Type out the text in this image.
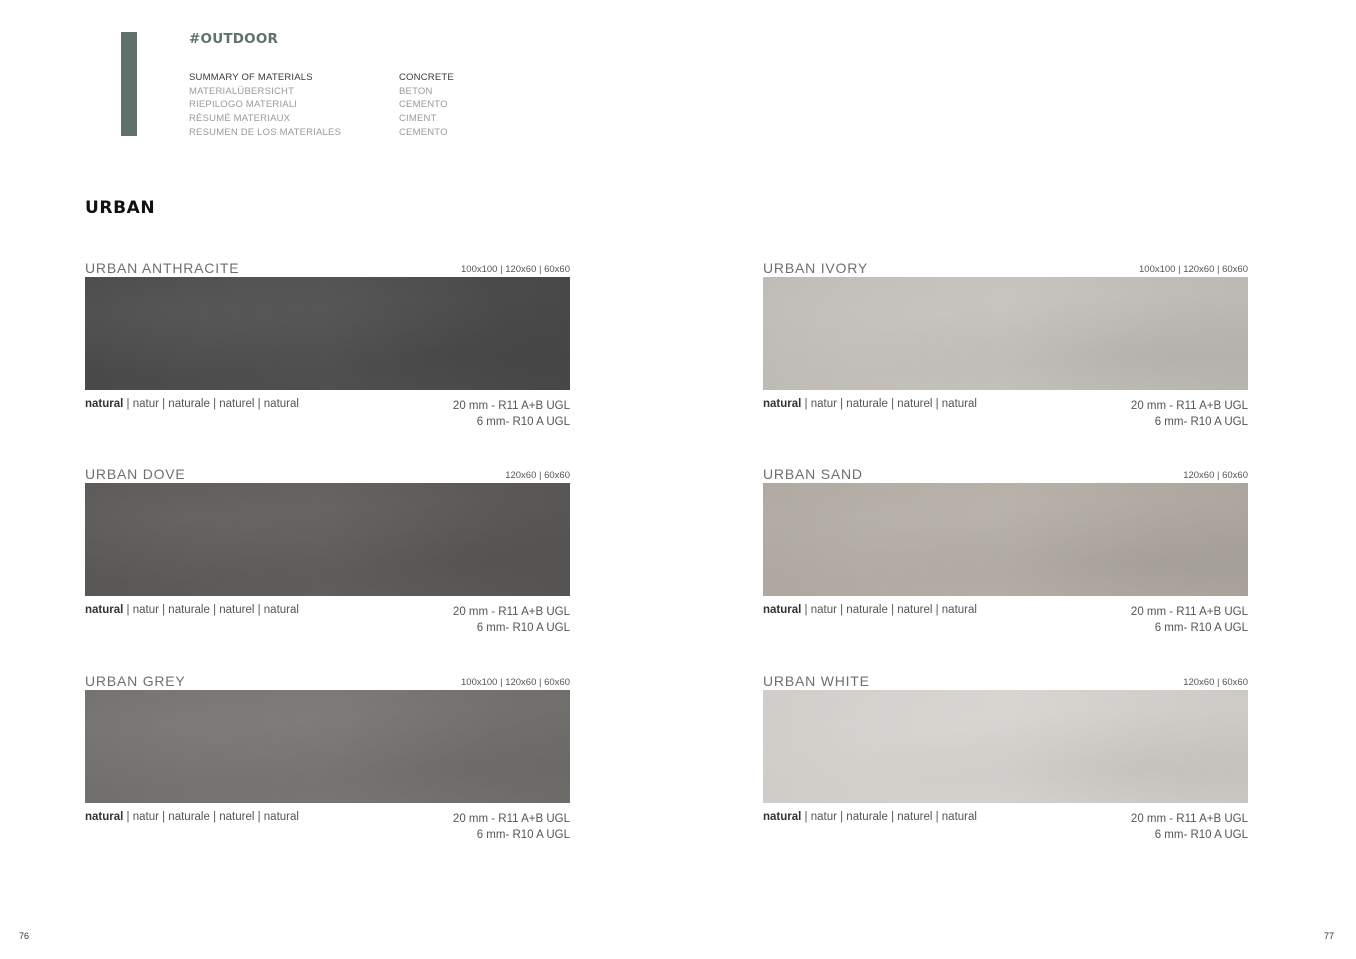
#OUTDOOR
SUMMARY OF MATERIALS
MATERIALÜBERSICHT
RIEPILOGO MATERIALI
RÉSUMÉ MATERIAUX
RESUMEN DE LOS MATERIALES
CONCRETE
BETON
CEMENTO
CIMENT
CEMENTO
URBAN
URBAN ANTHRACITE	100x100 | 120x60 | 60x60
natural | natur | naturale | naturel | natural	20 mm - R11 A+B UGL
6 mm- R10 A UGL
URBAN IVORY	100x100 | 120x60 | 60x60
natural | natur | naturale | naturel | natural	20 mm - R11 A+B UGL
6 mm- R10 A UGL
URBAN DOVE	120x60 | 60x60
natural | natur | naturale | naturel | natural	20 mm - R11 A+B UGL
6 mm- R10 A UGL
URBAN SAND	120x60 | 60x60
natural | natur | naturale | naturel | natural	20 mm - R11 A+B UGL
6 mm- R10 A UGL
URBAN GREY	100x100 | 120x60 | 60x60
natural | natur | naturale | naturel | natural	20 mm - R11 A+B UGL
6 mm- R10 A UGL
URBAN WHITE	120x60 | 60x60
natural | natur | naturale | naturel | natural	20 mm - R11 A+B UGL
6 mm- R10 A UGL
76	77
